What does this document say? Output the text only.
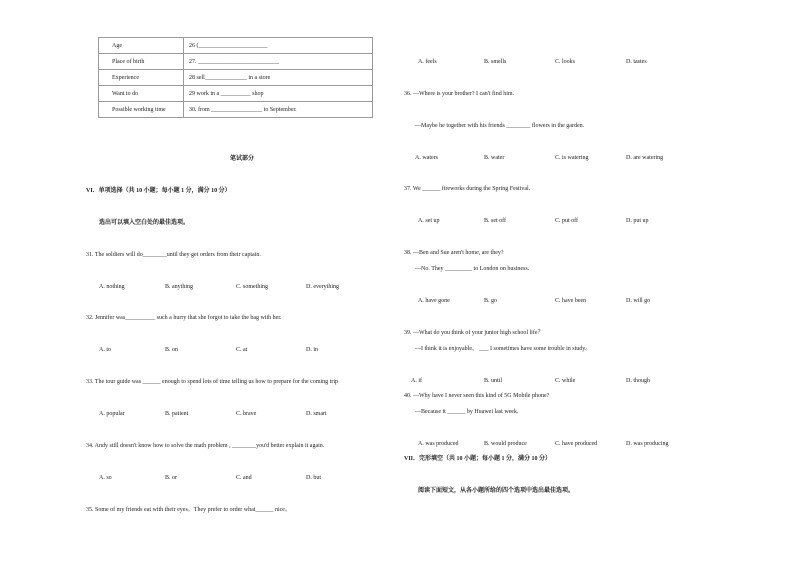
Age	26 (_______________________
Place of birth	27. ___________________________
Experience	28 sell______________ in a store
Want to do	29 work in a __________ shop
Possible working time	30. from _________________ to September.
笔试部分
VI．单项选择（共 10 小题；每小题 1 分，满分 10 分）
选出可以填入空白处的最佳选项。
31. The soldiers will do________until they get orders from their captain.
A. nothing	B. anything	C. something	D. everything
32. Jennifer was__________ such a hurry that she forgot to take the bag with her.
A. to	B. on	C. at	D. in
33. The tour guide was ______ enough to spend lots of time telling us how to prepare for the coming trip
A. popular	B. patient	C. brave	D. smart
34. Andy still doesn't know how to solve the math problem , ________you'd better explain it again.
A. so	B. or	C. and	D. but
35. Some of my friends eat with their eyes。They prefer to order what______ nice。
A. feels	B. smells	C. looks	D. tastes
36. —Where is your brother? I can't find him.
—Maybe he together with his friends ________ flowers in the garden.
A. waters	B. water	C. is watering	D. are watering
37. We ______ fireworks during the Spring Festival.
A. set up	B. set off	C. put off	D. put up
38. —Ben and Sue aren't home, are they?
—No. They _________ to London on business.
A. have gone	B. go	C. have been	D. will go
39. —What do you think of your junior high school life？
—I think it is enjoyable， ___ I sometimes have some trouble in study。
A. if	B. until	C. while	D. though
40. —Why have I never seen this kind of 5G Mobile phone?
—Because it ______ by Huawei last week.
A. was produced	B. would produce	C. have produced	D. was producing
VII．完形填空（共 10 小题；每小题 1 分，满分 10 分）
阅读下面短文，从各小题所给的四个选项中选出最佳选项。
